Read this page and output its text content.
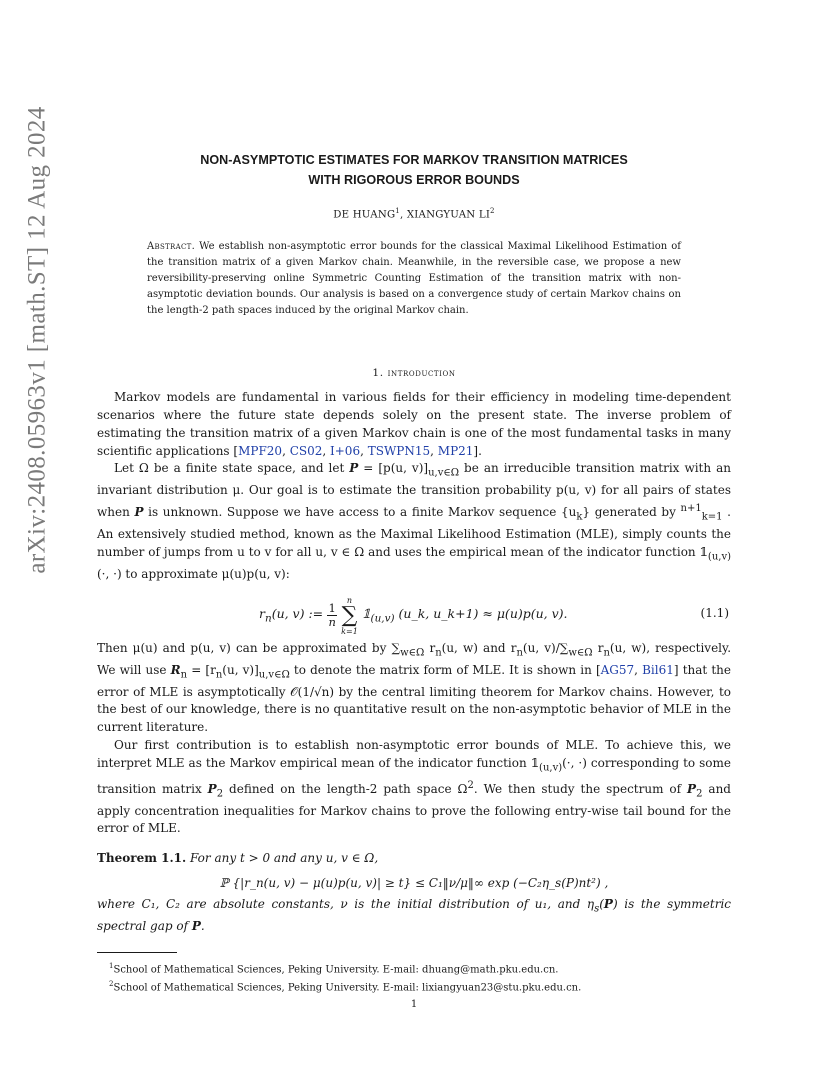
arXiv:2408.05963v1 [math.ST] 12 Aug 2024	NON-ASYMPTOTIC ESTIMATES FOR MARKOV TRANSITION MATRICES
WITH RIGOROUS ERROR BOUNDS
DE HUANG$^1$, XIANGYUAN $LI^2$
Abstract. We establish non-asymptotic error bounds for the classical Maximal Likelihood Estimation of the transition matrix of a given Markov chain. Meanwhile, in the reversible case, we propose a new reversibility-preserving online Symmetric Counting Estimation of the transition matrix with non-asymptotic deviation bounds. Our analysis is based on a convergence study of certain Markov chains on the length-2 path spaces induced by the original Markov chain.
1. introduction

Markov models are fundamental in various fields for their efficiency in modeling time-dependent scenarios where the future state depends solely on the present state. The inverse problem of estimating the transition matrix of a given Markov chain is one of the most fundamental tasks in many scientific applications [MPF20, CS02, I+06, TSWPN15, MP21].

Let Ω be a finite state space, and let P = [p(u, $v)]_{u,v\in\Omega}$ be an irreducible transition matrix with an invariant distribution μ. Our goal is to estimate the transition probability p(u, v) for all pairs of states when P is unknown. Suppose we have access to a finite Markov sequence $\{u_k\}$ generated by $^{n+1}_{k=1}$ . An extensively studied method, known as the Maximal Likelihood Estimation (MLE), simply counts the number of jumps from u to v for all u, v ∈ Ω and uses the empirical mean of the indicator function $𝟙_{(u,v)}(\cdot$, ·) to approximate μ(u)p(u, v):

$r_n(u$, v) := $\frac{1}{n}$
n
∑
k=1
$𝟙_{(u,v)}$ (u_k, u_k+1) ≈ μ(u)p(u, v).	(1.1)

Then μ(u) and p(u, v) can be approximated by $\sum_{w\in\Omega}$ $r_n(u$, w) and $r_n(u$, $v)/\sum_{w\in\Omega}$ $r_n(u$, w), respectively. We will use $R_n = [r_n(u$, $v)]_{u,v\in\Omega}$ to denote the matrix form of MLE. It is shown in [AG57, Bil61] that the error of MLE is asymptotically 𝒪(1/√n) by the central limiting theorem for Markov chains. However, to the best of our knowledge, there is no quantitative result on the non-asymptotic behavior of MLE in the current literature.

Our first contribution is to establish non-asymptotic error bounds of MLE. To achieve this, we interpret MLE as the Markov empirical mean of the indicator function $𝟙_{(u,v)}(\cdot$, ·) corresponding to some transition matrix $P_2$ defined on the length-2 path space $\Omega^2$. We then study the spectrum of $P_2$ and apply concentration inequalities for Markov chains to prove the following entry-wise tail bound for the error of MLE.

Theorem 1.1. For any t > 0 and any u, v ∈ Ω,

ℙ {|r_n(u, v) − μ(u)p(u, v)| ≥ t} ≤ C₁‖ν/μ‖∞ exp (−C₂η_s(P)nt²) ,

where C₁, C₂ are absolute constants, ν is the initial distribution of u₁, and $\eta_s(P)$ is the symmetric spectral gap of P.

$^1$School of Mathematical Sciences, Peking University. E-mail: dhuang@math.pku.edu.cn.
$^2$School of Mathematical Sciences, Peking University. E-mail: lixiangyuan23@stu.pku.edu.cn.
1
